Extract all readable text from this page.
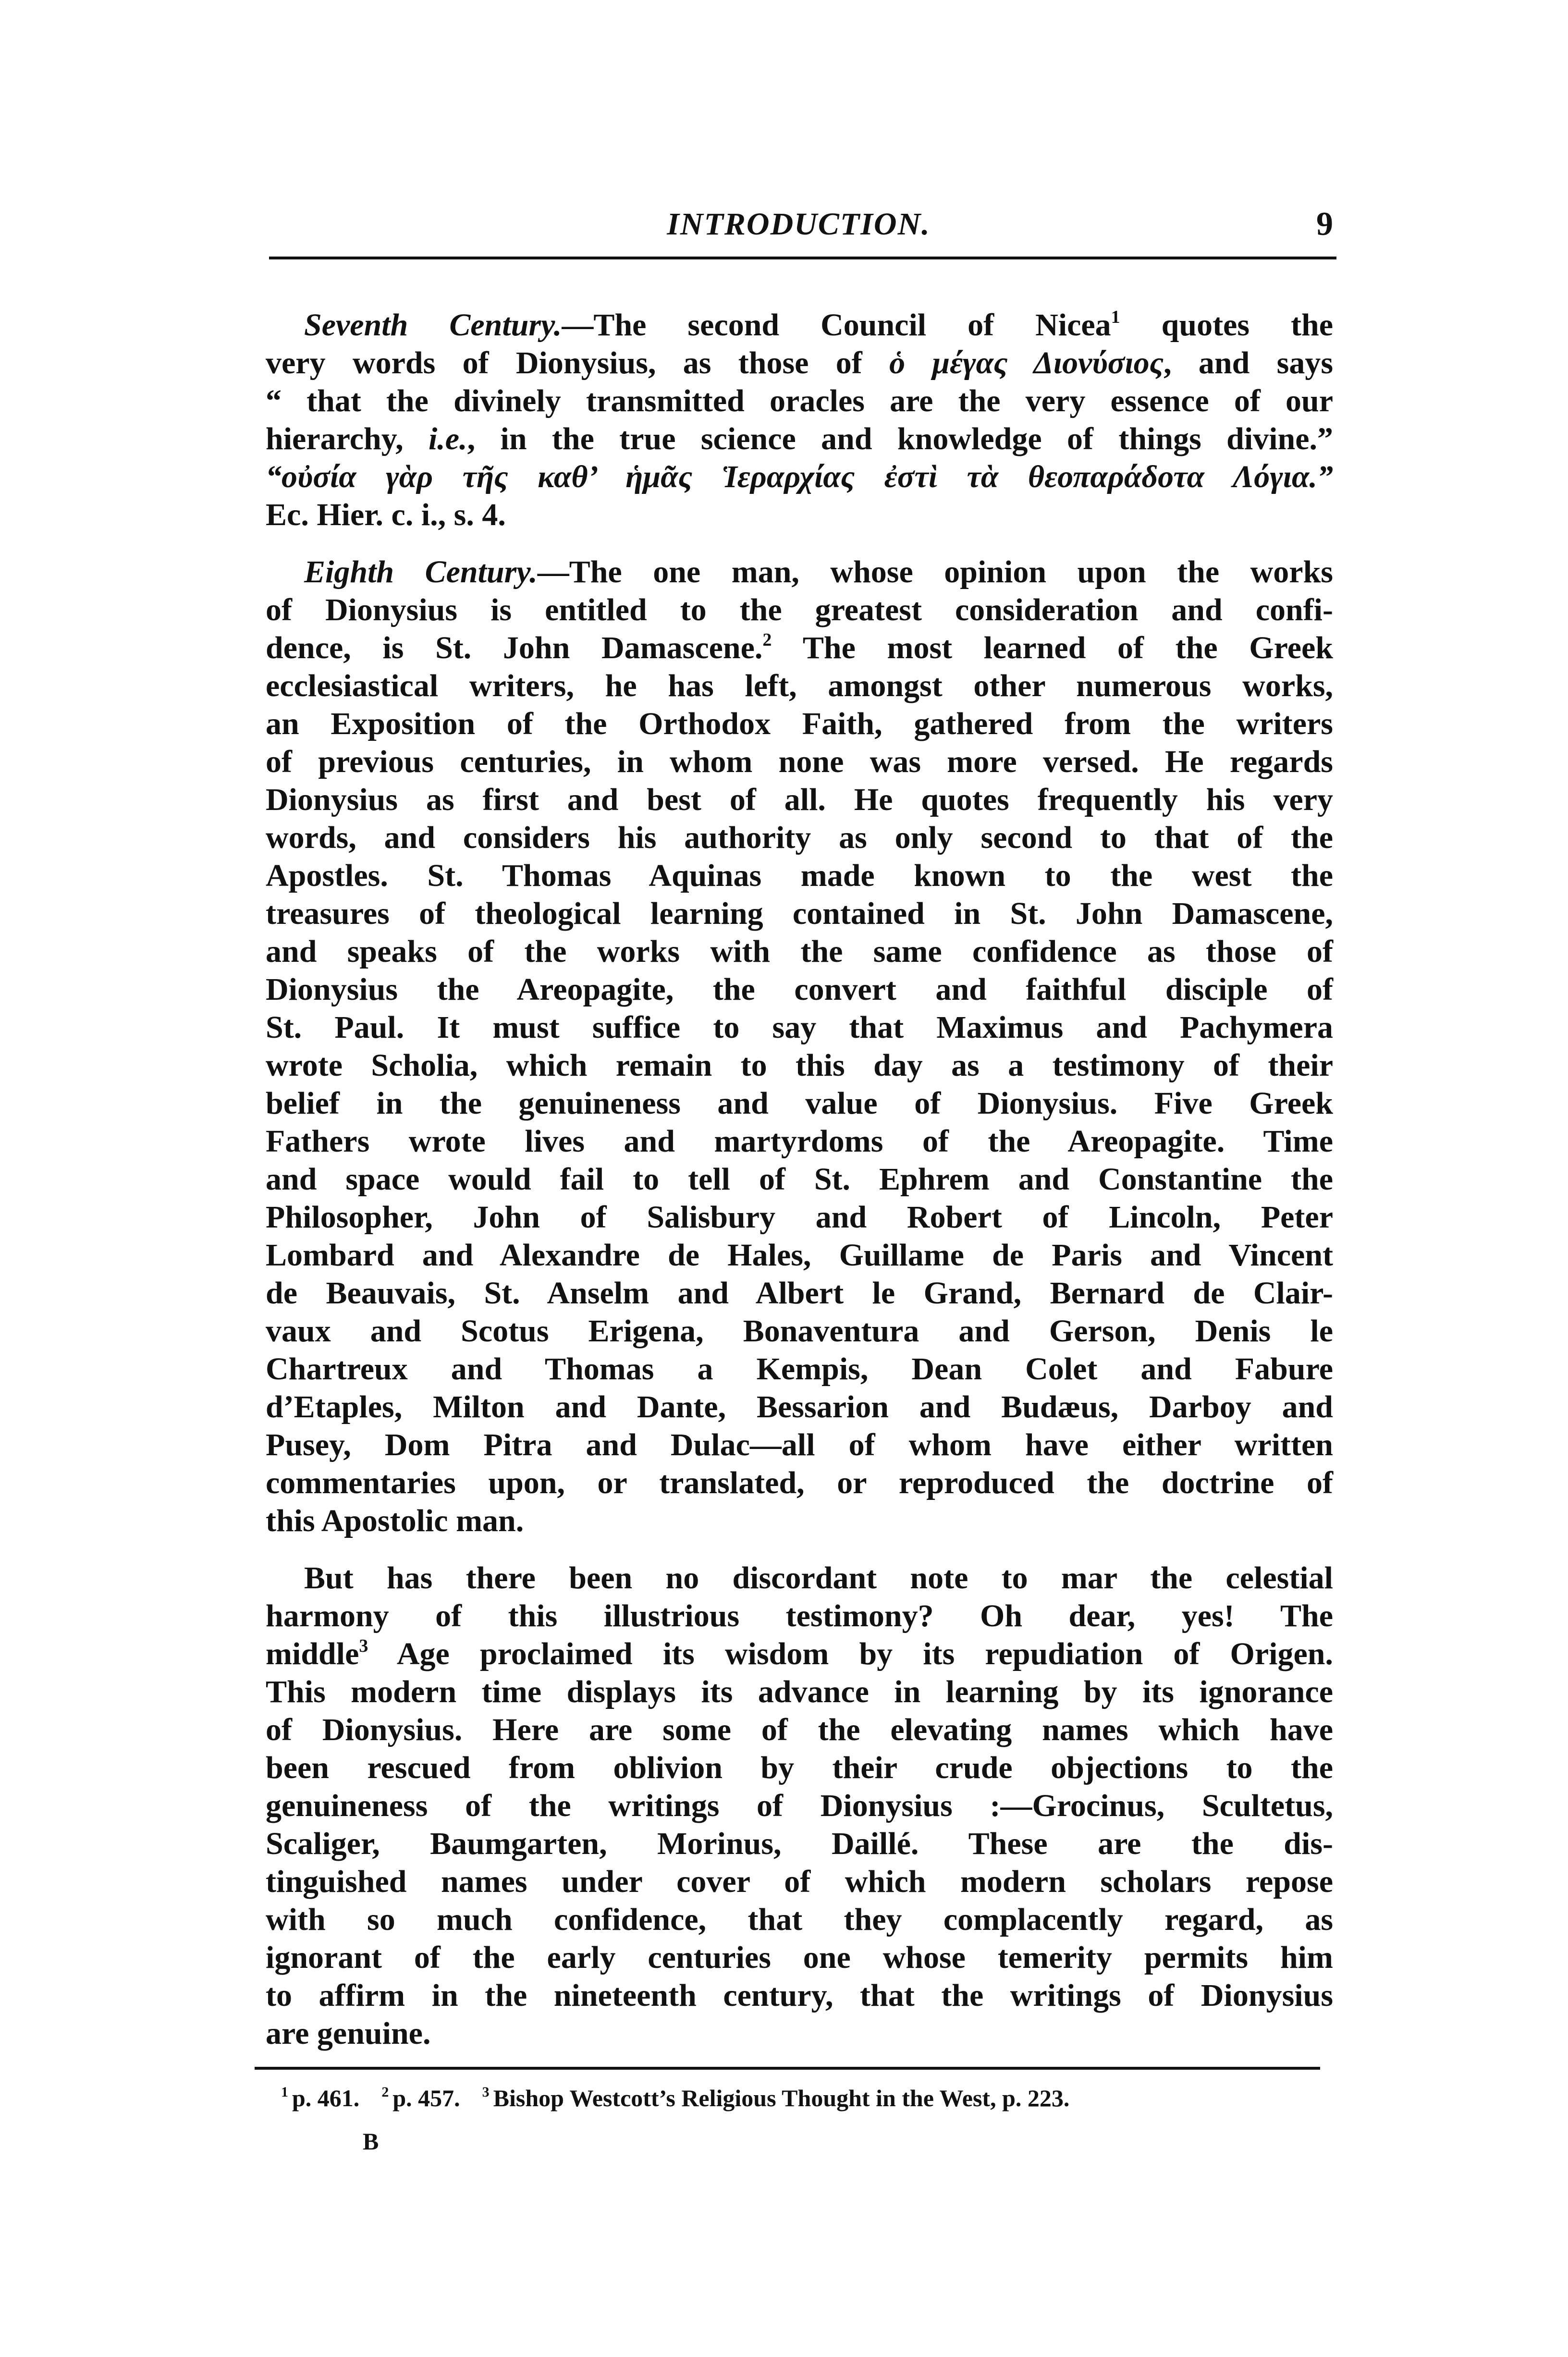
INTRODUCTION.	9
Seventh Century.—The second Council of Nicea$^1$ quotes the
very words of Dionysius, as those of ὁ μέγας Διονύσιος, and says
“ that the divinely transmitted oracles are the very essence of our
hierarchy, i.e., in the true science and knowledge of things divine.”
“οὐσία γὰρ τῆς καθ’ ἡμᾶς Ἱεραρχίας ἐστὶ τὰ θεοπαράδοτα Λόγια.”
Ec. Hier. c. i., s. 4.
Eighth Century.—The one man, whose opinion upon the works
of Dionysius is entitled to the greatest consideration and confi-
dence, is St. John Damascene.$^2$ The most learned of the Greek
ecclesiastical writers, he has left, amongst other numerous works,
an Exposition of the Orthodox Faith, gathered from the writers
of previous centuries, in whom none was more versed. He regards
Dionysius as first and best of all. He quotes frequently his very
words, and considers his authority as only second to that of the
Apostles. St. Thomas Aquinas made known to the west the
treasures of theological learning contained in St. John Damascene,
and speaks of the works with the same confidence as those of
Dionysius the Areopagite, the convert and faithful disciple of
St. Paul. It must suffice to say that Maximus and Pachymera
wrote Scholia, which remain to this day as a testimony of their
belief in the genuineness and value of Dionysius. Five Greek
Fathers wrote lives and martyrdoms of the Areopagite. Time
and space would fail to tell of St. Ephrem and Constantine the
Philosopher, John of Salisbury and Robert of Lincoln, Peter
Lombard and Alexandre de Hales, Guillame de Paris and Vincent
de Beauvais, St. Anselm and Albert le Grand, Bernard de Clair-
vaux and Scotus Erigena, Bonaventura and Gerson, Denis le
Chartreux and Thomas a Kempis, Dean Colet and Fabure
d’Etaples, Milton and Dante, Bessarion and Budæus, Darboy and
Pusey, Dom Pitra and Dulac—all of whom have either written
commentaries upon, or translated, or reproduced the doctrine of
this Apostolic man.
But has there been no discordant note to mar the celestial
harmony of this illustrious testimony? Oh dear, yes! The
middle$^3$ Age proclaimed its wisdom by its repudiation of Origen.
This modern time displays its advance in learning by its ignorance
of Dionysius. Here are some of the elevating names which have
been rescued from oblivion by their crude objections to the
genuineness of the writings of Dionysius :—Grocinus, Scultetus,
Scaliger, Baumgarten, Morinus, Daillé. These are the dis-
tinguished names under cover of which modern scholars repose
with so much confidence, that they complacently regard, as
ignorant of the early centuries one whose temerity permits him
to affirm in the nineteenth century, that the writings of Dionysius
are genuine.
$^1$ p. 461. $^2$ p. 457. $^3$ Bishop Westcott’s Religious Thought in the West, p. 223.
B
